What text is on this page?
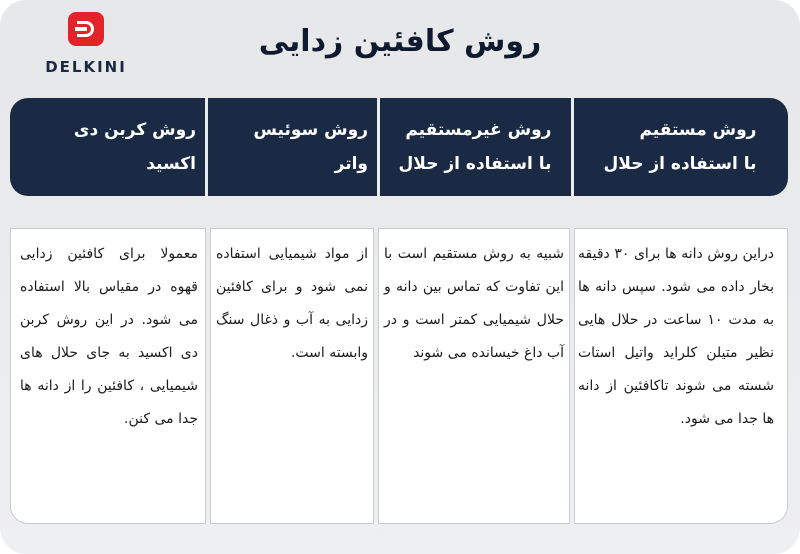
DELKINI
روش کافئین زدایی
روش مستقیم
با استفاده از حلال
روش غیرمستقیم
با استفاده از حلال
روش سوئیس واتر
روش کربن دی اکسید
دراین روش دانه ها برای ۳۰ دقیقه بخار داده می شود. سپس دانه ها به مدت ۱۰ ساعت در حلال هایی نظیر متیلن کلراید واتیل استات شسته می شوند تاکافئین از دانه ها جدا می شود.
شبیه به روش مستقیم است با این تفاوت که تماس بین دانه و حلال شیمیایی کمتر است و در آب داغ خیسانده می شوند
از مواد شیمیایی استفاده نمی شود و برای کافئین زدایی به آب و ذغال سنگ وابسته است.
معمولا برای کافئین زدایی قهوه در مقیاس بالا استفاده می شود. در این روش کربن دی اکسید به جای حلال های شیمیایی ، کافئین را از دانه ها جدا می کنن.
